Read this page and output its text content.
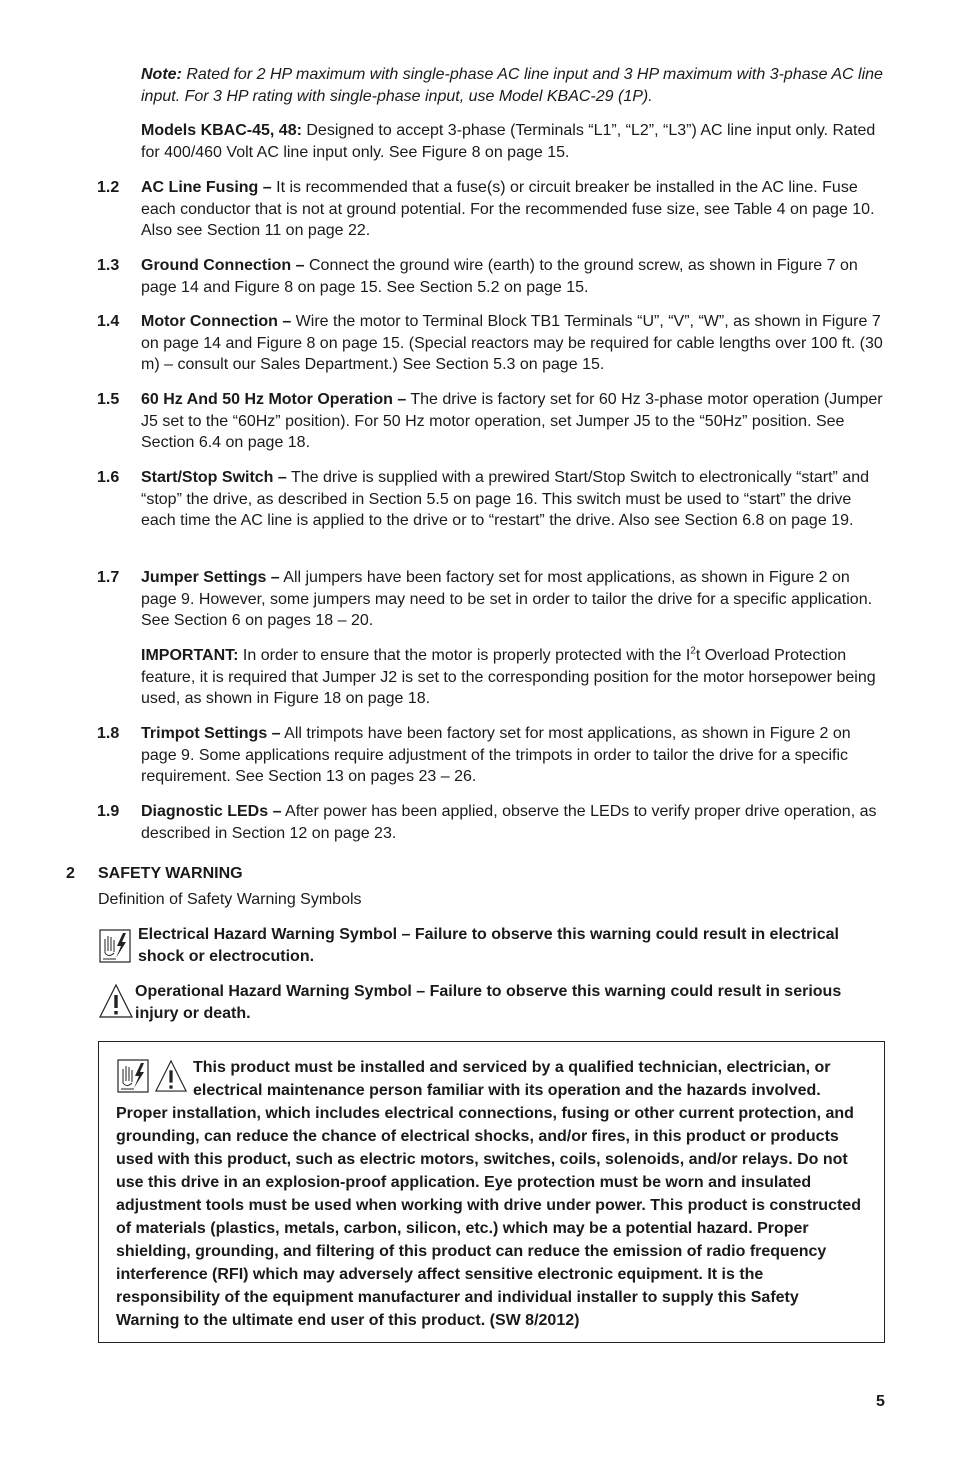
Note: Rated for 2 HP maximum with single-phase AC line input and 3 HP maximum with 3-phase AC line input. For 3 HP rating with single-phase input, use Model KBAC-29 (1P).
Models KBAC-45, 48: Designed to accept 3-phase (Terminals “L1”, “L2”, “L3”) AC line input only. Rated for 400/460 Volt AC line input only. See Figure 8 on page 15.
1.2	AC Line Fusing – It is recommended that a fuse(s) or circuit breaker be installed in the AC line. Fuse each conductor that is not at ground potential. For the recommended fuse size, see Table 4 on page 10. Also see Section 11 on page 22.
1.3	Ground Connection – Connect the ground wire (earth) to the ground screw, as shown in Figure 7 on page 14 and Figure 8 on page 15. See Section 5.2 on page 15.
1.4	Motor Connection – Wire the motor to Terminal Block TB1 Terminals “U”, “V”, “W”, as shown in Figure 7 on page 14 and Figure 8 on page 15. (Special reactors may be required for cable lengths over 100 ft. (30 m) – consult our Sales Department.) See Section 5.3 on page 15.
1.5	60 Hz And 50 Hz Motor Operation – The drive is factory set for 60 Hz 3-phase motor operation (Jumper J5 set to the “60Hz” position). For 50 Hz motor operation, set Jumper J5 to the “50Hz” position. See Section 6.4 on page 18.
1.6	Start/Stop Switch – The drive is supplied with a prewired Start/Stop Switch to electronically “start” and “stop” the drive, as described in Section 5.5 on page 16. This switch must be used to “start” the drive each time the AC line is applied to the drive or to “restart” the drive. Also see Section 6.8 on page 19.
1.7	Jumper Settings – All jumpers have been factory set for most applications, as shown in Figure 2 on page 9. However, some jumpers may need to be set in order to tailor the drive for a specific application. See Section 6 on pages 18 – 20.
IMPORTANT: In order to ensure that the motor is properly protected with the $I^2t$ Overload Protection feature, it is required that Jumper J2 is set to the corresponding position for the motor horsepower being used, as shown in Figure 18 on page 18.
1.8	Trimpot Settings – All trimpots have been factory set for most applications, as shown in Figure 2 on page 9. Some applications require adjustment of the trimpots in order to tailor the drive for a specific requirement. See Section 13 on pages 23 – 26.
1.9	Diagnostic LEDs – After power has been applied, observe the LEDs to verify proper drive operation, as described in Section 12 on page 23.
2 SAFETY WARNING
Definition of Safety Warning Symbols
Electrical Hazard Warning Symbol – Failure to observe this warning could result in electrical shock or electrocution.
Operational Hazard Warning Symbol – Failure to observe this warning could result in serious injury or death.
This product must be installed and serviced by a qualified technician, electrician, or electrical maintenance person familiar with its operation and the hazards involved.
Proper installation, which includes electrical connections, fusing or other current protection, and grounding, can reduce the chance of electrical shocks, and/or fires, in this product or products used with this product, such as electric motors, switches, coils, solenoids, and/or relays. Do not use this drive in an explosion-proof application. Eye protection must be worn and insulated adjustment tools must be used when working with drive under power. This product is constructed of materials (plastics, metals, carbon, silicon, etc.) which may be a potential hazard. Proper shielding, grounding, and filtering of this product can reduce the emission of radio frequency interference (RFI) which may adversely affect sensitive electronic equipment. It is the responsibility of the equipment manufacturer and individual installer to supply this Safety Warning to the ultimate end user of this product. (SW 8/2012)
5
